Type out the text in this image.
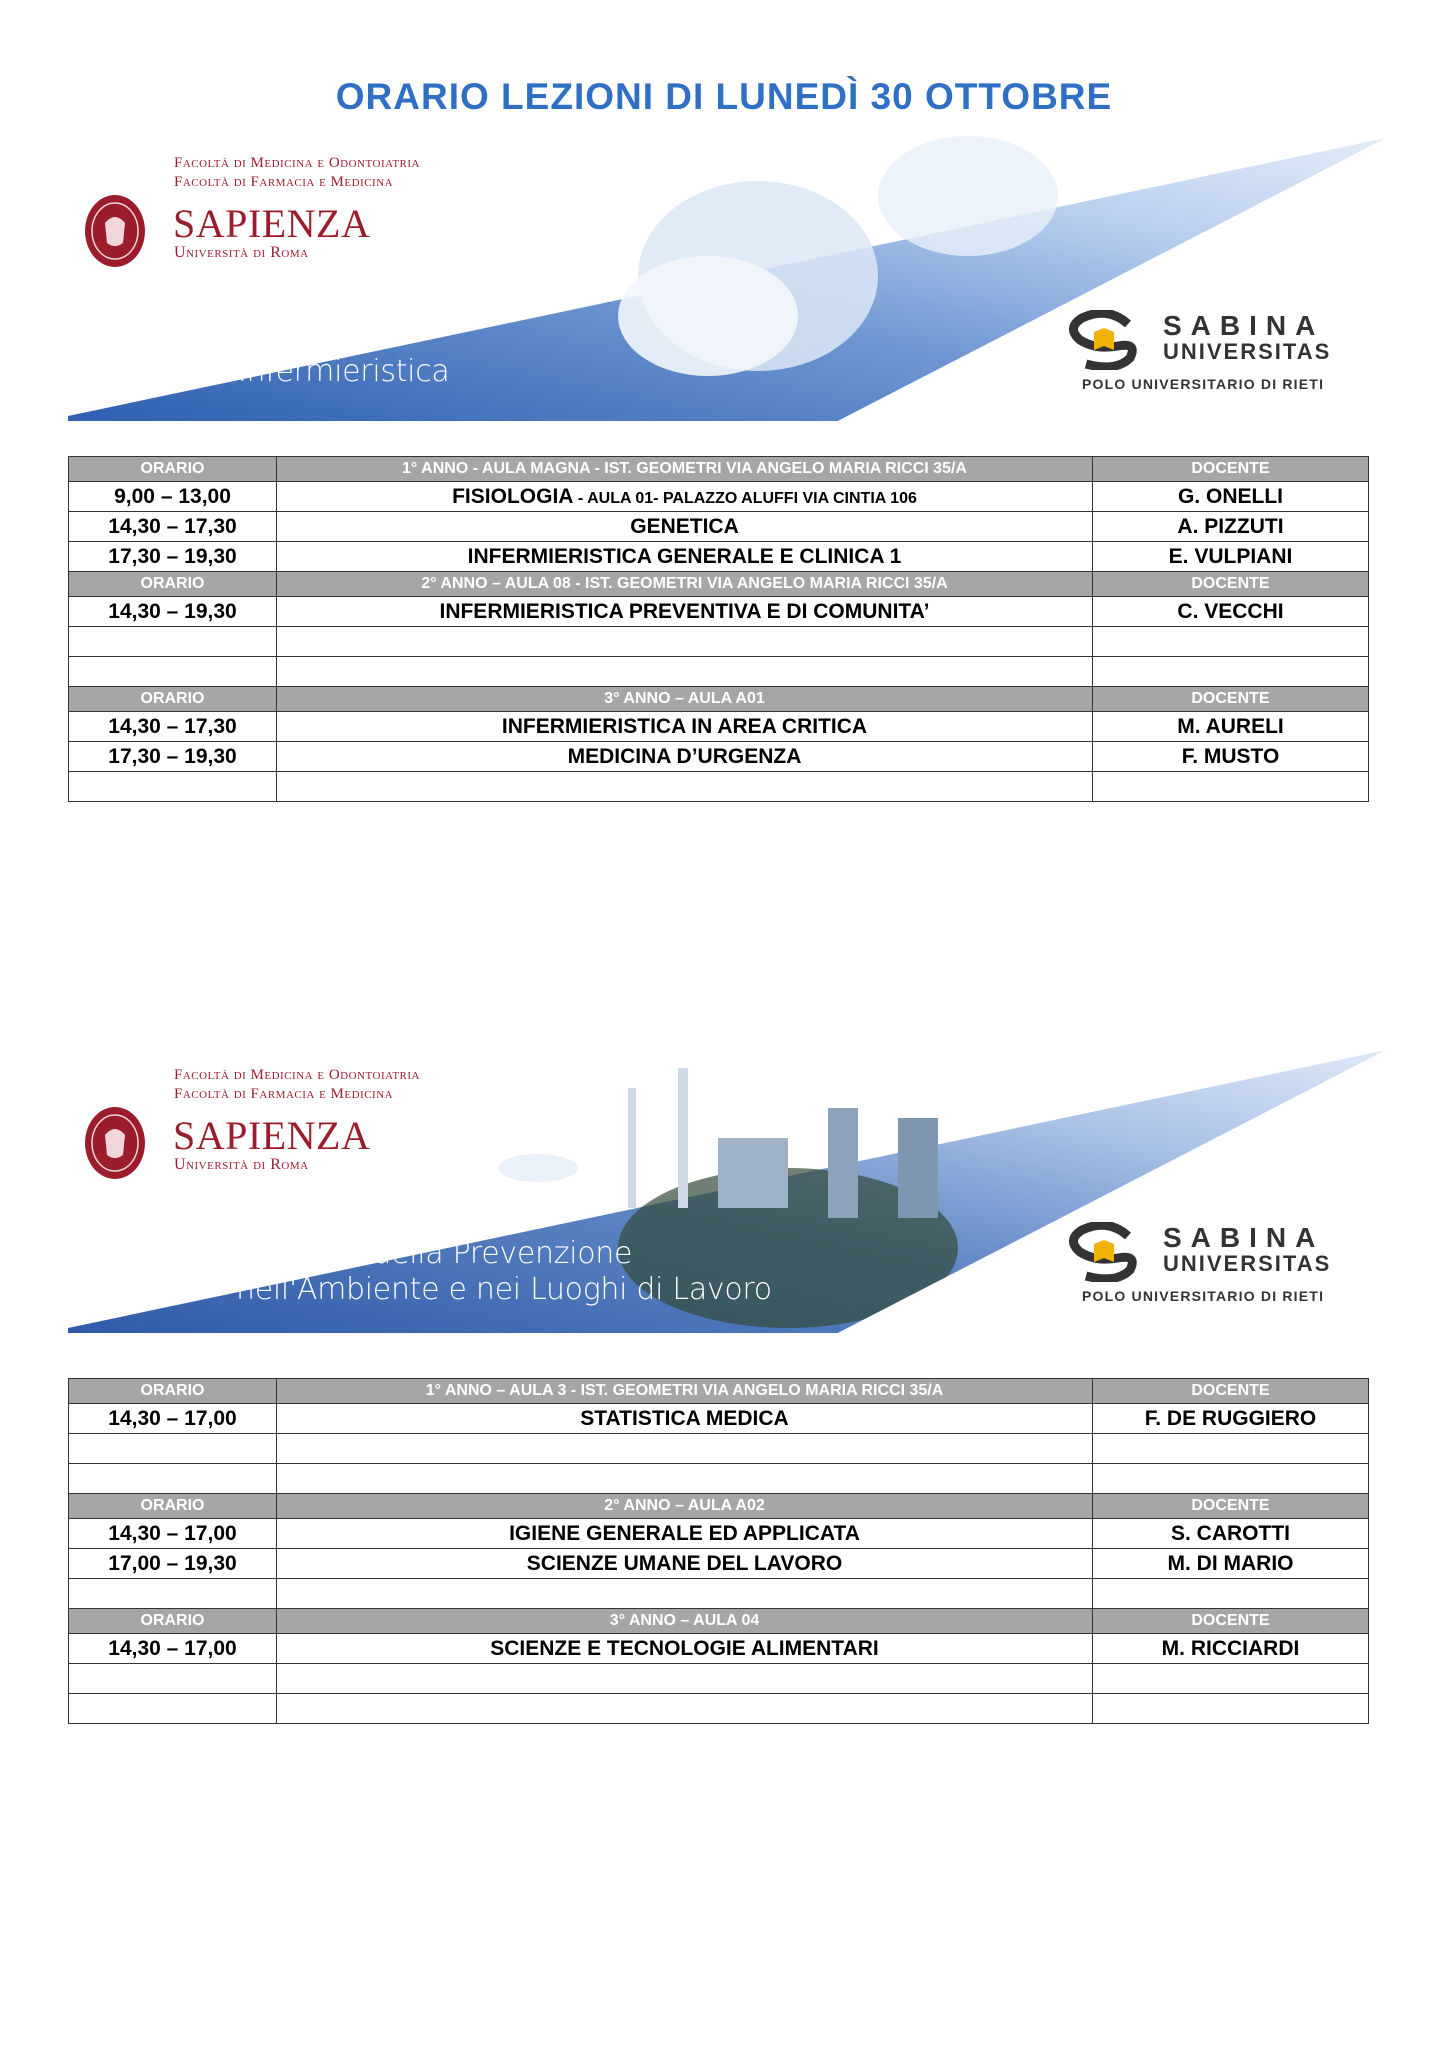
ORARIO LEZIONI DI LUNEDÌ 30 OTTOBRE
Facoltà di Medicina e Odontoiatria
Facoltà di Farmacia e Medicina
SAPIENZA
Università di Roma
Infermieristica
SABINA
UNIVERSITAS
POLO UNIVERSITARIO DI RIETI
ORARIO	1° ANNO - AULA MAGNA - IST. GEOMETRI VIA ANGELO MARIA RICCI 35/A	DOCENTE
9,00 – 13,00	FISIOLOGIA - AULA 01- PALAZZO ALUFFI VIA CINTIA 106	G. ONELLI
14,30 – 17,30	GENETICA	A. PIZZUTI
17,30 – 19,30	INFERMIERISTICA GENERALE E CLINICA 1	E. VULPIANI
ORARIO	2° ANNO – AULA 08 - IST. GEOMETRI VIA ANGELO MARIA RICCI 35/A	DOCENTE
14,30 – 19,30	INFERMIERISTICA PREVENTIVA E DI COMUNITA’	C. VECCHI

ORARIO	3° ANNO – AULA A01	DOCENTE
14,30 – 17,30	INFERMIERISTICA IN AREA CRITICA	M. AURELI
17,30 – 19,30	MEDICINA D’URGENZA	F. MUSTO

Facoltà di Medicina e Odontoiatria
Facoltà di Farmacia e Medicina
SAPIENZA
Università di Roma
Tecniche della Prevenzione
nell'Ambiente e nei Luoghi di Lavoro
SABINA
UNIVERSITAS
POLO UNIVERSITARIO DI RIETI
ORARIO	1° ANNO – AULA 3 - IST. GEOMETRI VIA ANGELO MARIA RICCI 35/A	DOCENTE
14,30 – 17,00	STATISTICA MEDICA	F. DE RUGGIERO

ORARIO	2° ANNO – AULA A02	DOCENTE
14,30 – 17,00	IGIENE GENERALE ED APPLICATA	S. CAROTTI
17,00 – 19,30	SCIENZE UMANE DEL LAVORO	M. DI MARIO

ORARIO	3° ANNO – AULA 04	DOCENTE
14,30 – 17,00	SCIENZE E TECNOLOGIE ALIMENTARI	M. RICCIARDI
